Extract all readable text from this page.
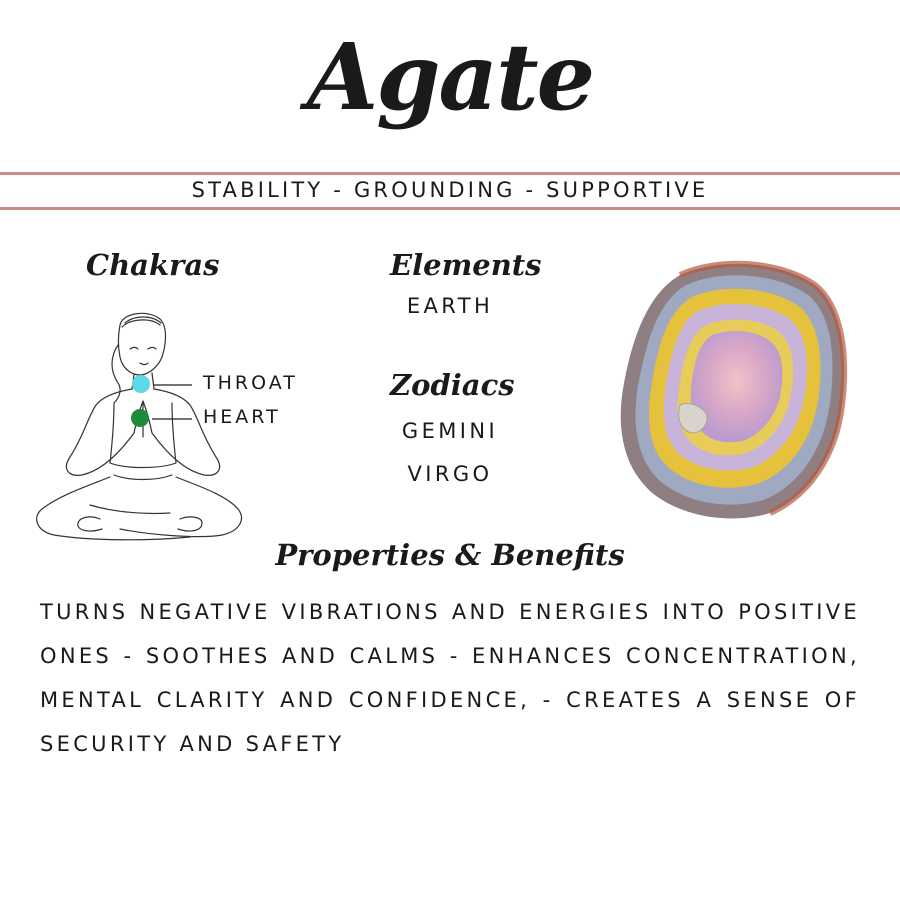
Agate
STABILITY - GROUNDING - SUPPORTIVE
Chakras
THROAT
HEART
Elements
EARTH
Zodiacs
GEMINI
VIRGO
Properties & Benefits
TURNS NEGATIVE VIBRATIONS AND ENERGIES INTO POSITIVE ONES - SOOTHES AND CALMS - ENHANCES CONCENTRATION, MENTAL CLARITY AND CONFIDENCE, - CREATES A SENSE OF SECURITY AND SAFETY
